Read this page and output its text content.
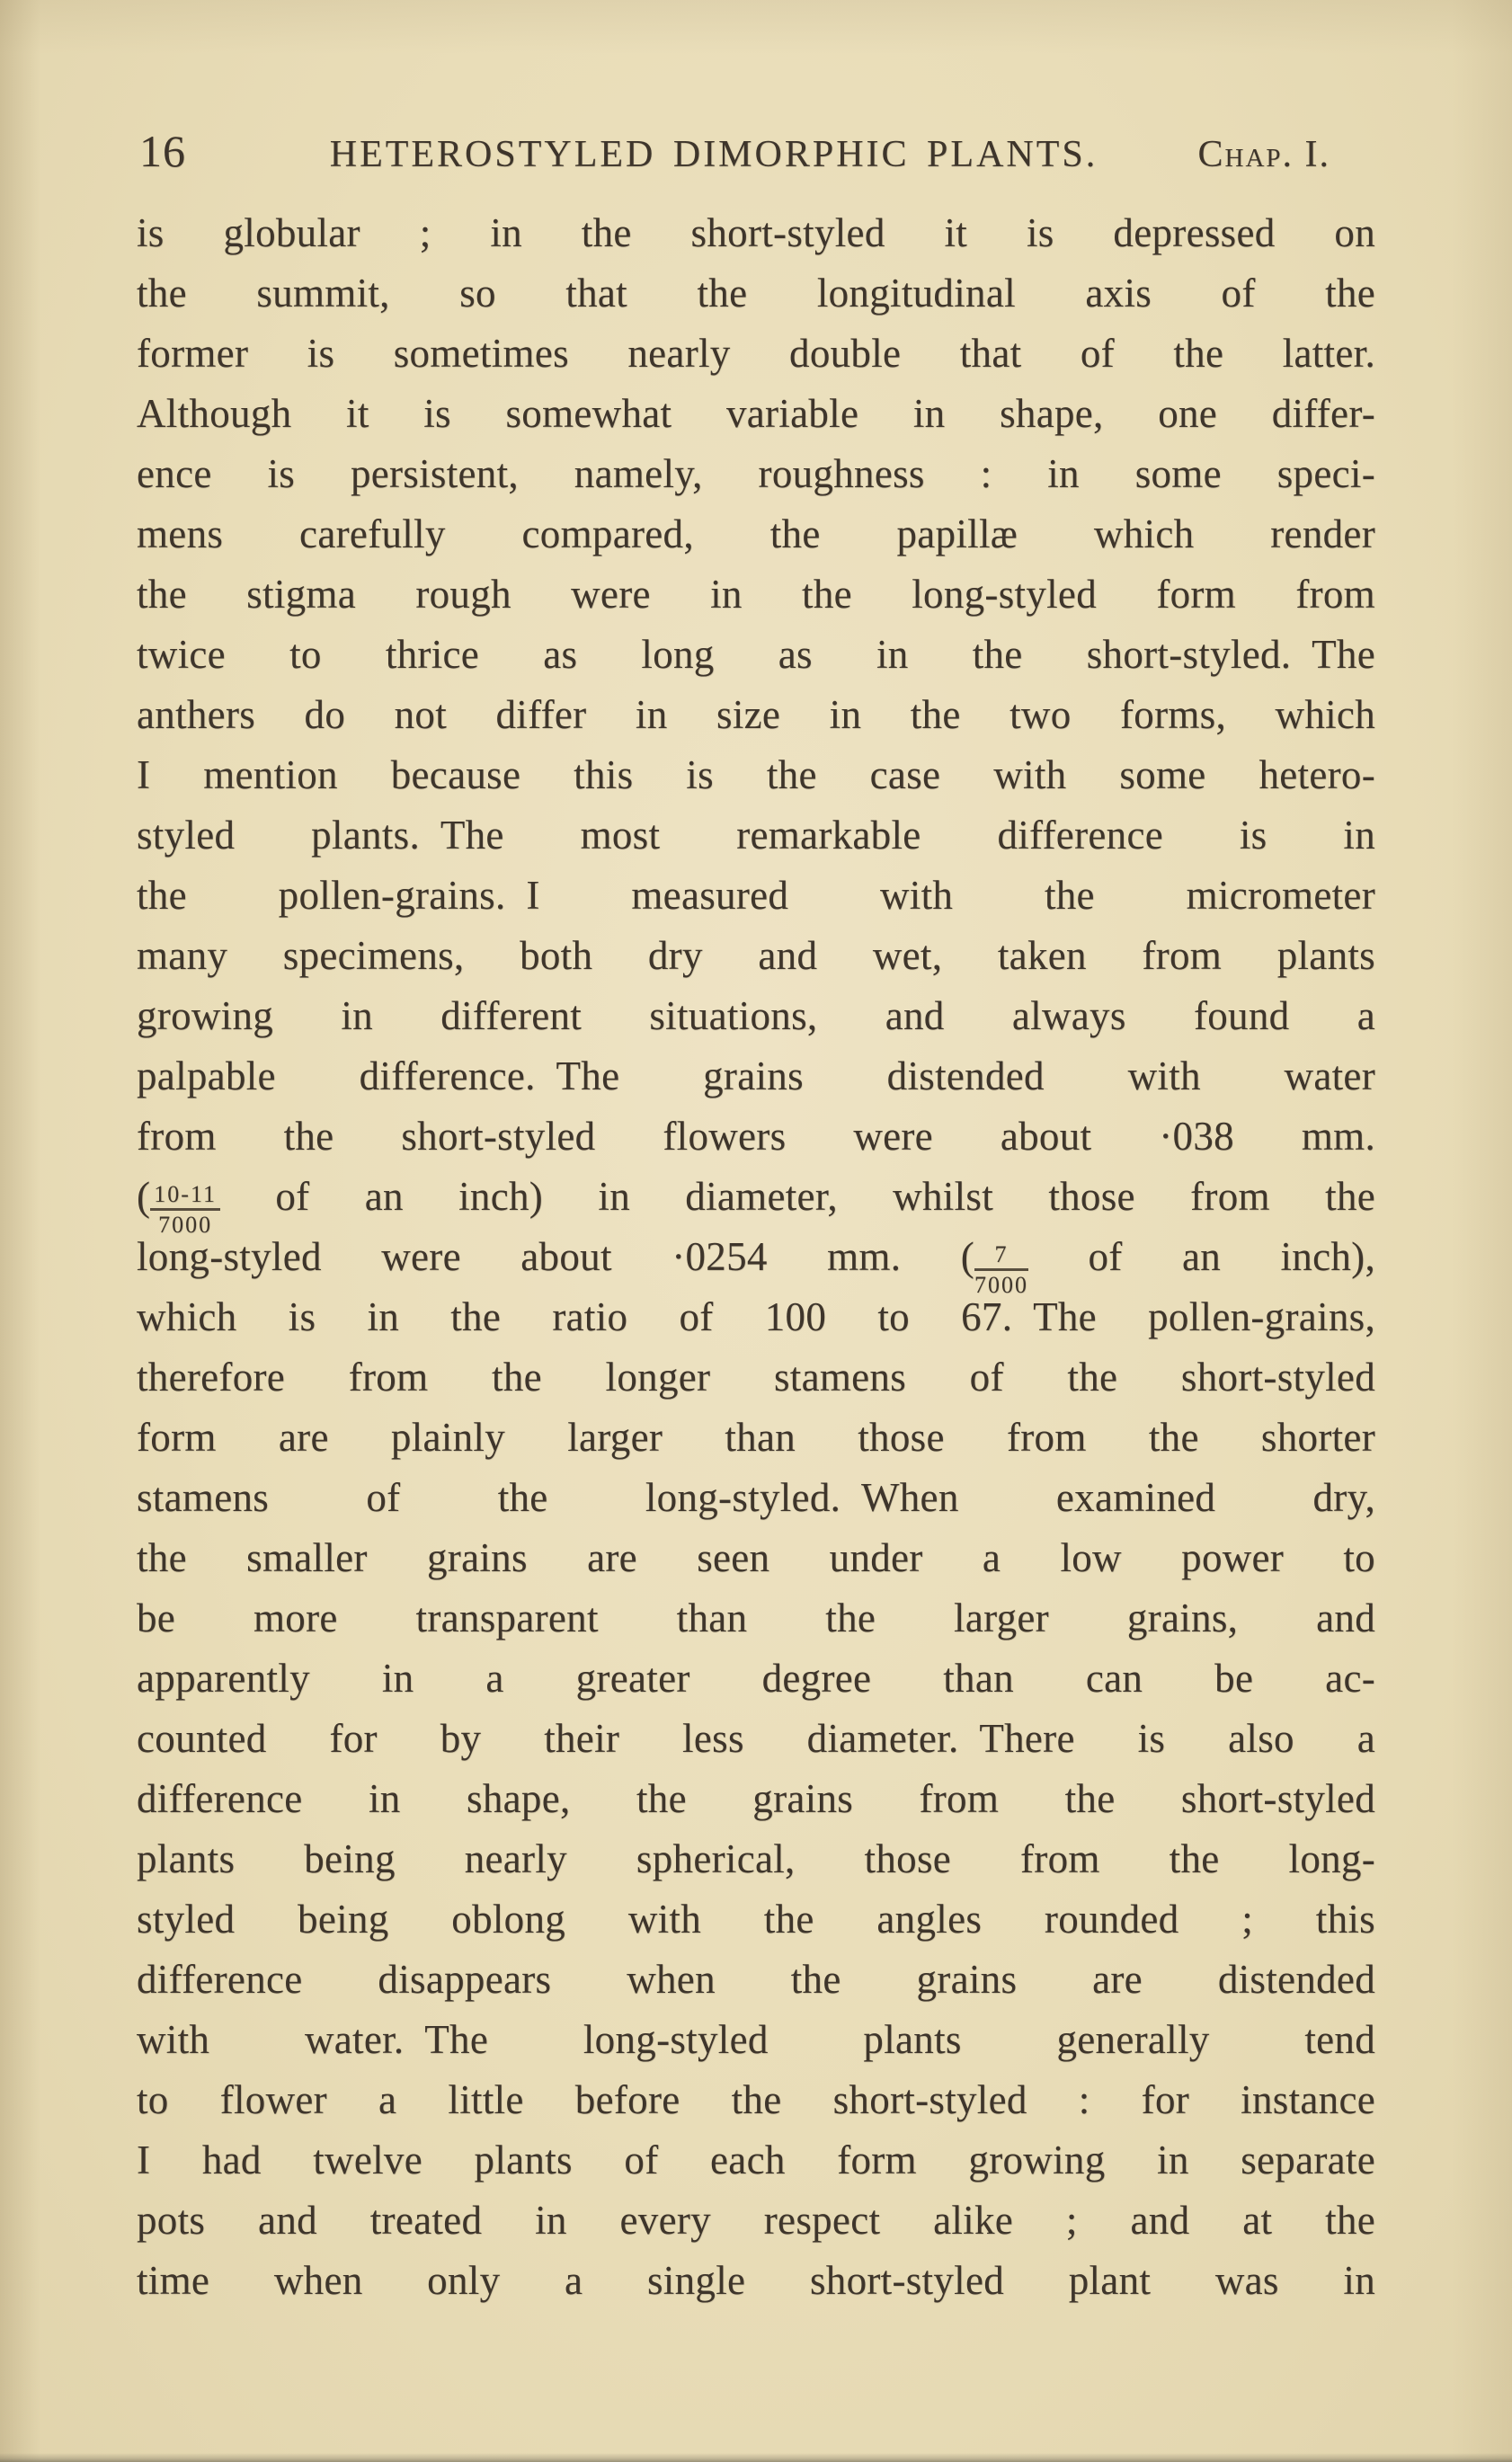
16	HETEROSTYLED DIMORPHIC PLANTS.	Chap. I.
is globular ; in the short-styled it is depressed on
the summit, so that the longitudinal axis of the
former is sometimes nearly double that of the latter.
Although it is somewhat variable in shape, one differ-
ence is persistent, namely, roughness : in some speci-
mens carefully compared, the papillæ which render
the stigma rough were in the long-styled form from
twice to thrice as long as in the short-styled. The
anthers do not differ in size in the two forms, which
I mention because this is the case with some hetero-
styled plants. The most remarkable difference is in
the pollen-grains. I measured with the micrometer
many specimens, both dry and wet, taken from plants
growing in different situations, and always found a
palpable difference. The grains distended with water
from the short-styled flowers were about ·038 mm.
( $\frac{10-11}{7000}$ of an inch) in diameter, whilst those from the
long-styled were about ·0254 mm. ( $\frac{7}{7000}$ of an inch),
which is in the ratio of 100 to 67. The pollen-grains,
therefore from the longer stamens of the short-styled
form are plainly larger than those from the shorter
stamens of the long-styled. When examined dry,
the smaller grains are seen under a low power to
be more transparent than the larger grains, and
apparently in a greater degree than can be ac-
counted for by their less diameter. There is also a
difference in shape, the grains from the short-styled
plants being nearly spherical, those from the long-
styled being oblong with the angles rounded ; this
difference disappears when the grains are distended
with water. The long-styled plants generally tend
to flower a little before the short-styled : for instance
I had twelve plants of each form growing in separate
pots and treated in every respect alike ; and at the
time when only a single short-styled plant was in
